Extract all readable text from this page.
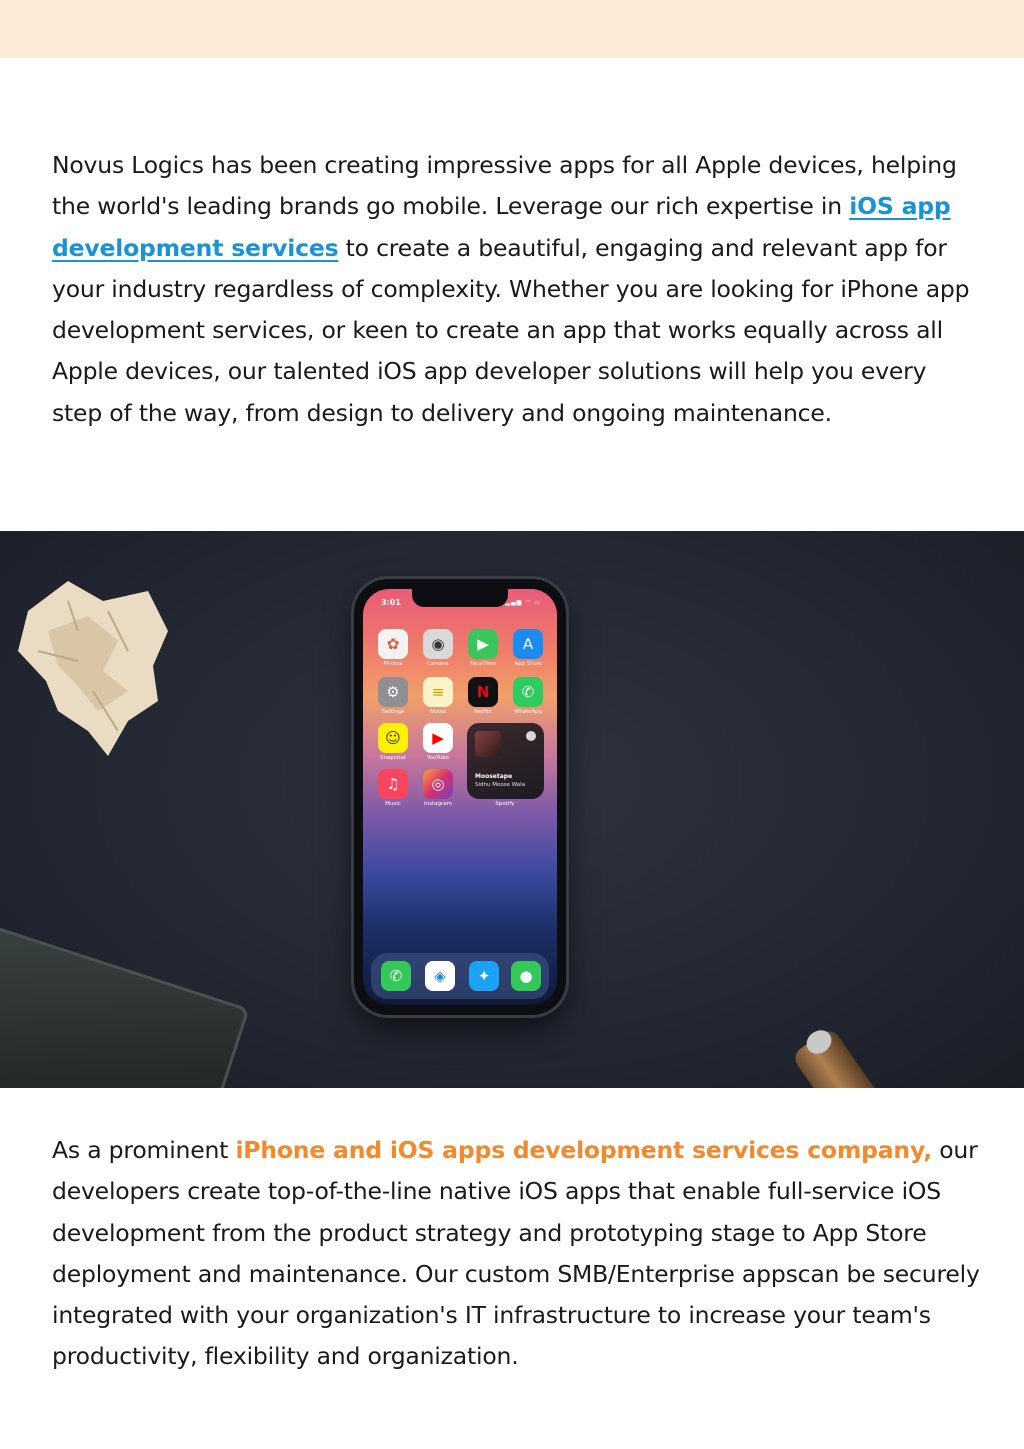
Novus Logics has been creating impressive apps for all Apple devices, helping the world's leading brands go mobile. Leverage our rich expertise in iOS app development services to create a beautiful, engaging and relevant app for your industry regardless of complexity. Whether you are looking for iPhone app development services, or keen to create an app that works equally across all Apple devices, our talented iOS app developer solutions will help you every step of the way, from design to delivery and ongoing maintenance.

3:01	▂▄▆ ◠ ▭
✿
Photos
◉
Camera
▶
FaceTime
A
App Store
⚙
Settings
≡
Notes
N
Netflix
✆
WhatsApp
☺
Snapchat
▶
YouTube
♫
Music
◎
Instagram
Moosetape
Sidhu Moose Wala
Spotify
✆	◈	✦	●

As a prominent iPhone and iOS apps development services company, our developers create top-of-the-line native iOS apps that enable full-service iOS development from the product strategy and prototyping stage to App Store deployment and maintenance. Our custom SMB/Enterprise appscan be securely integrated with your organization's IT infrastructure to increase your team's productivity, flexibility and organization.
